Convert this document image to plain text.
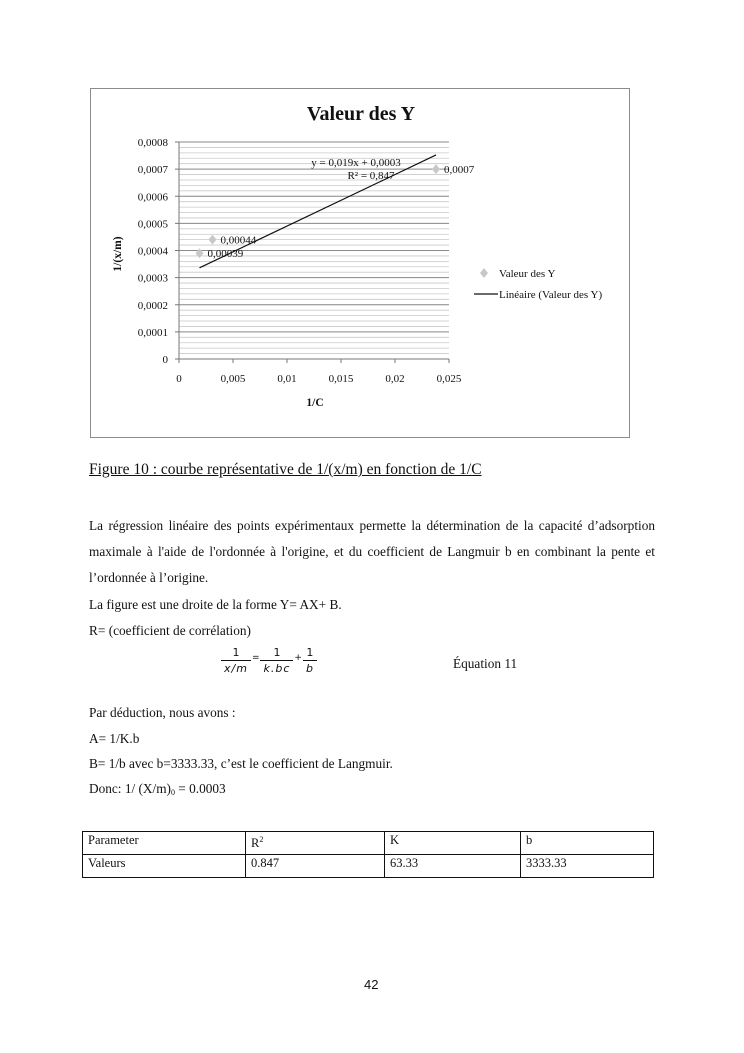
Valeur des Y
0
0,0001
0,0002
0,0003
0,0004
0,0005
0,0006
0,0007
0,0008
0	0,005	0,01	0,015	0,02	0,025
1/C
1/(x/m)	0,00039
0,00044
0,0007
y = 0,019x + 0,0003
R² = 0,847
Valeur des Y
Linéaire (Valeur des Y)
Figure 10 : courbe représentative de 1/(x/m) en fonction de 1/C
La régression linéaire des points expérimentaux permette la détermination de la capacité d’adsorption maximale à l'aide de l'ordonnée à l'origine, et du coefficient de Langmuir b en combinant la pente et l’ordonnée à l’origine.
La figure est une droite de la forme Y= AX+ B.
R= (coefficient de corrélation)
$\frac{1}{x/m} = \frac{1}{k.bc} + \frac{1}{b}$	Équation 11
Par déduction, nous avons :
A= 1/K.b
B= 1/b avec b=3333.33, c’est le coefficient de Langmuir.
Donc: 1/ $(X/m)_0 = 0.0003$
Parameter	$R^2$	K	b
Valeurs	0.847	63.33	3333.33
42
